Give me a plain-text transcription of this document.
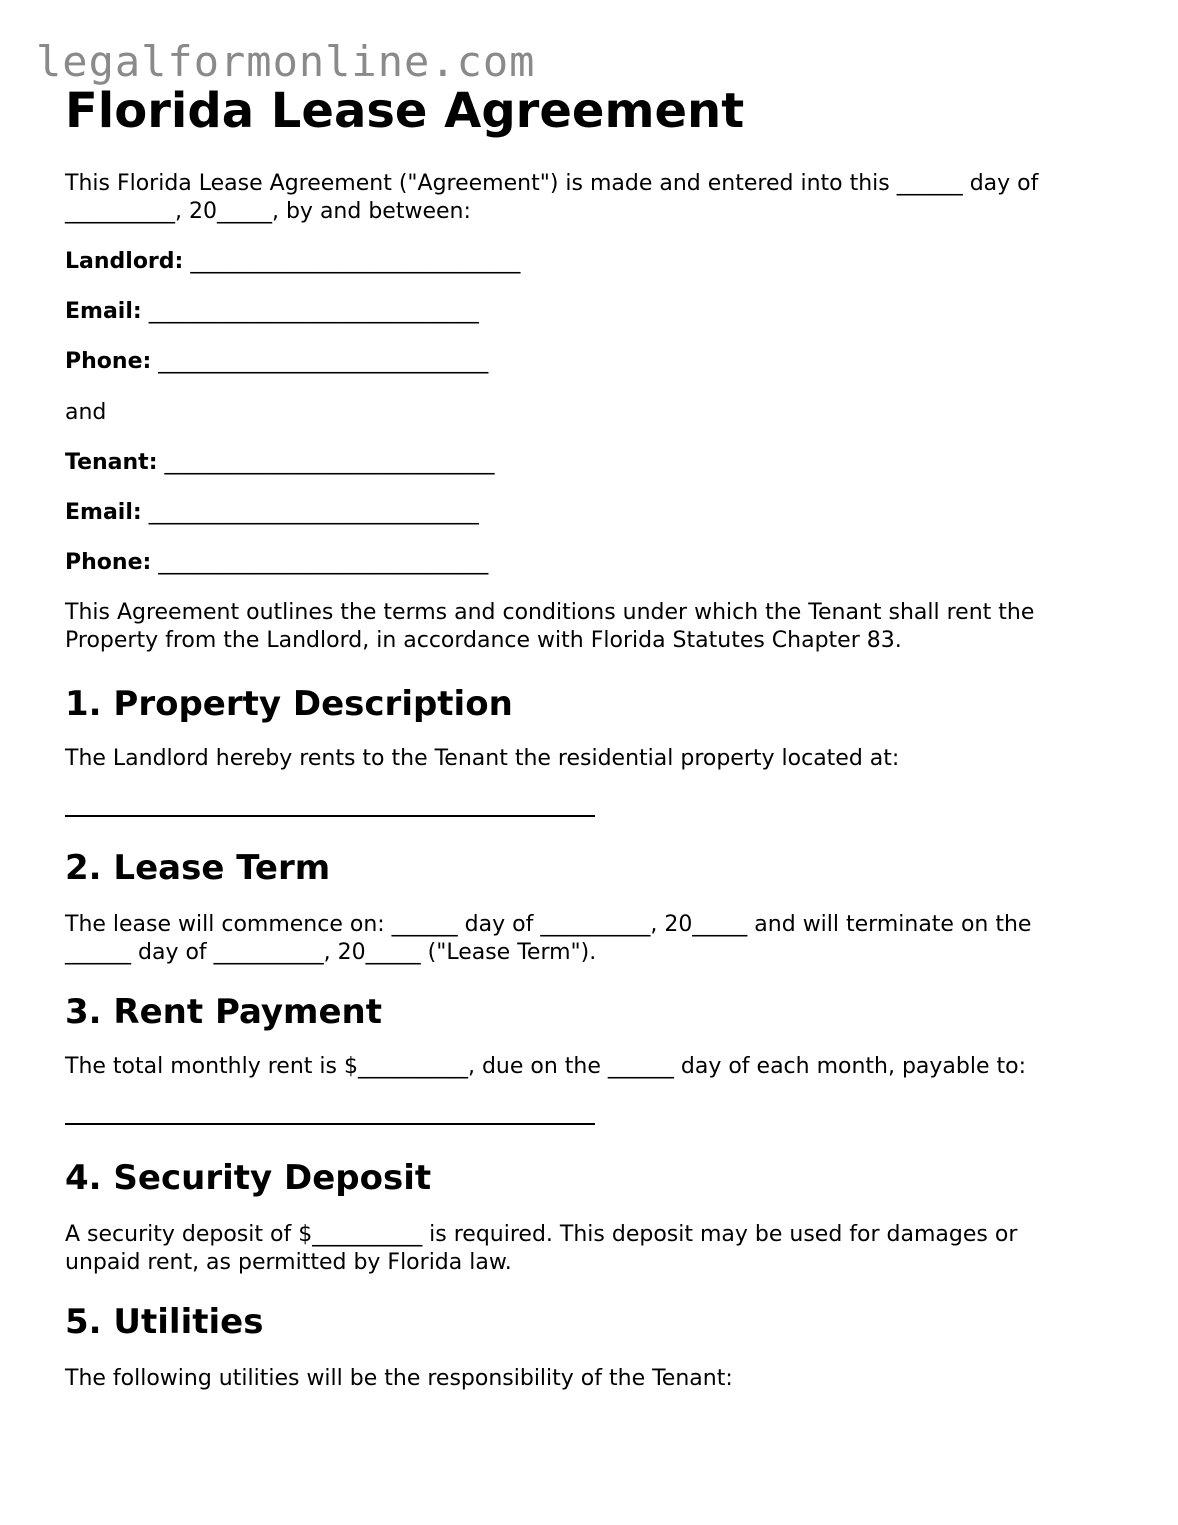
legalformonline.com
Florida Lease Agreement

This Florida Lease Agreement ("Agreement") is made and entered into this ______ day of
__________, 20_____, by and between:

Landlord: ______________________________

Email: ______________________________

Phone: ______________________________

and

Tenant: ______________________________

Email: ______________________________

Phone: ______________________________

This Agreement outlines the terms and conditions under which the Tenant shall rent the
Property from the Landlord, in accordance with Florida Statutes Chapter 83.

1. Property Description

The Landlord hereby rents to the Tenant the residential property located at:

2. Lease Term

The lease will commence on: ______ day of __________, 20_____ and will terminate on the
______ day of __________, 20_____ ("Lease Term").

3. Rent Payment

The total monthly rent is $__________, due on the ______ day of each month, payable to:

4. Security Deposit

A security deposit of $__________ is required. This deposit may be used for damages or
unpaid rent, as permitted by Florida law.

5. Utilities

The following utilities will be the responsibility of the Tenant:
